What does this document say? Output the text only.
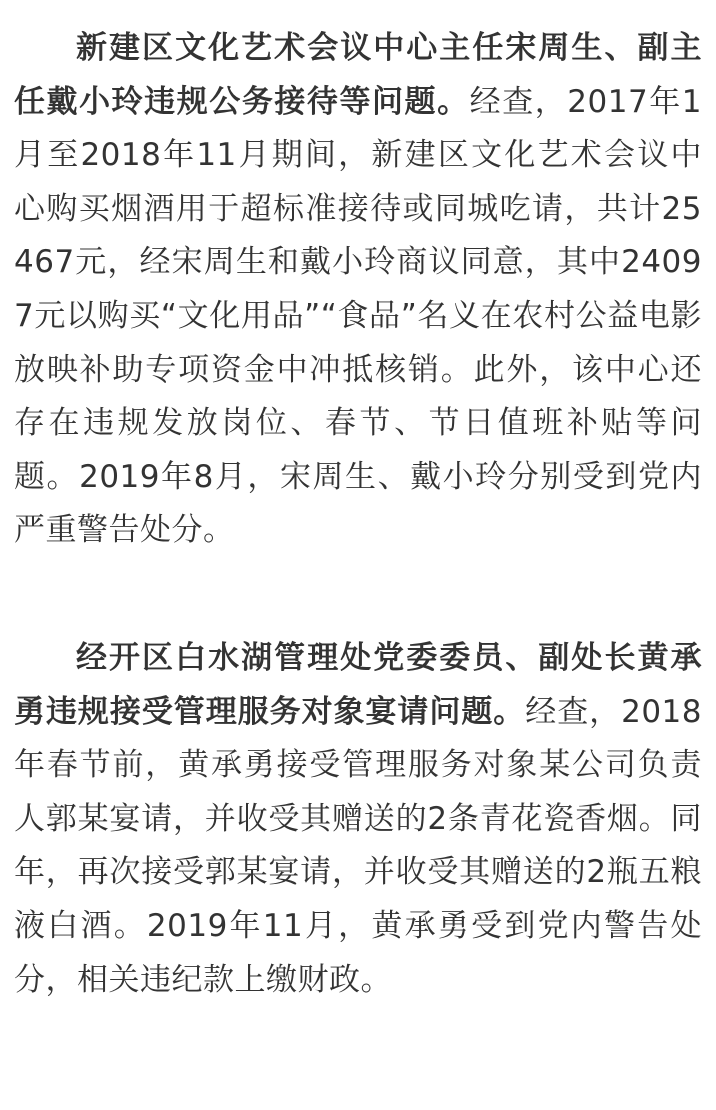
新建区文化艺术会议中心主任宋周生、副主任戴小玲违规公务接待等问题。经查，2017年1月至2018年11月期间，新建区文化艺术会议中心购买烟酒用于超标准接待或同城吃请，共计25467元，经宋周生和戴小玲商议同意，其中24097元以购买“文化用品”“食品”名义在农村公益电影放映补助专项资金中冲抵核销。此外，该中心还存在违规发放岗位、春节、节日值班补贴等问题。2019年8月，宋周生、戴小玲分别受到党内严重警告处分。

经开区白水湖管理处党委委员、副处长黄承勇违规接受管理服务对象宴请问题。经查，2018年春节前，黄承勇接受管理服务对象某公司负责人郭某宴请，并收受其赠送的2条青花瓷香烟。同年，再次接受郭某宴请，并收受其赠送的2瓶五粮液白酒。2019年11月，黄承勇受到党内警告处分，相关违纪款上缴财政。
